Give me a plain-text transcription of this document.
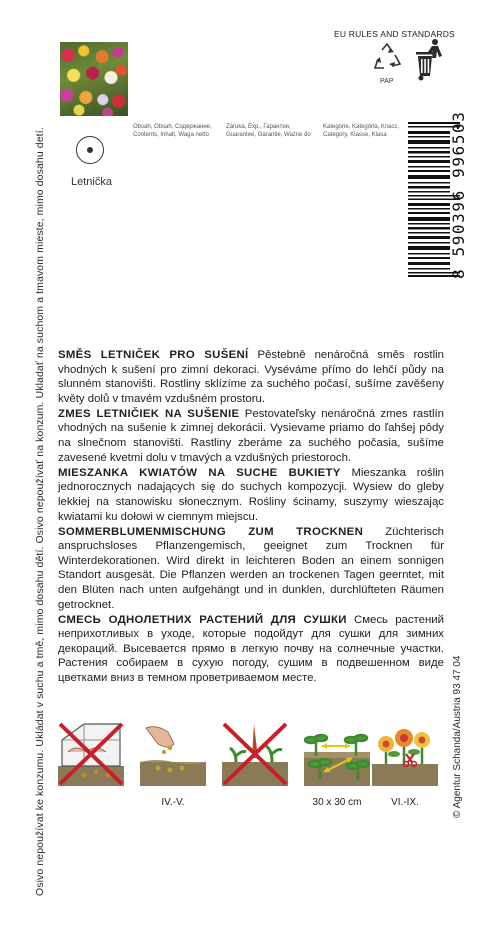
Osivo nepoužívat ke konzumu. Ukládat v suchu a tmě, mimo dosahu dětí. Osivo nepoužívať na konzum. Ukladať na suchom a tmavom mieste, mimo dosahu detí.	© Agentur Schanda/Austria 93 47 04
Letnička
Obsah, Obsah, Содержание,
Contents, Inhalt, Waga netto
Záruka, Exp., Гарантия,
Guarantee, Garantie, Ważne do
Kategorie, Kategória, Класс,
Category, Klasse, Klasa
EU RULES AND STANDARDS
PAP
8 590396 996503

SMĚS LETNIČEK PRO SUŠENÍ Pěstebně nenáročná směs rostlin vhodných k sušení pro zimní dekoraci. Vyséváme přímo do lehčí půdy na slunném stanovišti. Rostliny sklízíme za suchého počasí, sušíme zavěšeny květy dolů v tmavém vzdušném prostoru.

ZMES LETNIČIEK NA SUŠENIE Pestovateľsky nenáročná zmes rastlín vhodných na sušenie k zimnej dekorácii. Vysievame priamo do ľahšej pôdy na slnečnom stanovišti. Rastliny zberáme za suchého počasia, sušíme zavesené kvetmi dolu v tmavých a vzdušných priestoroch.

MIESZANKA KWIATÓW NA SUCHE BUKIETY Mieszanka roślin jednorocznych nadających się do suchych kompozycji. Wysiew do gleby lekkiej na stanowisku słonecznym. Rośliny ścinamy, suszymy wieszając kwiatami ku dołowi w ciemnym miejscu.

SOMMERBLUMENMISCHUNG ZUM TROCKNEN Züchterisch anspruchsloses Pflanzengemisch, geeignet zum Trocknen für Winterdekorationen. Wird direkt in leichteren Boden an einem sonnigen Standort ausgesät. Die Pflanzen werden an trockenen Tagen geerntet, mit den Blüten nach unten aufgehängt und in dunklen, durchlüfteten Räumen getrocknet.

СМЕСЬ ОДНОЛЕТНИХ РАСТЕНИЙ ДЛЯ СУШКИ Смесь растений неприхотливых в уходе, которые подойдут для сушки для зимних декораций. Высевается прямо в легкую почву на солнечные участки. Растения собираем в сухую погоду, сушим в подвешенном виде цветками вниз в темном проветриваемом месте.

IV.-V.	30 x 30 cm	VI.-IX.
